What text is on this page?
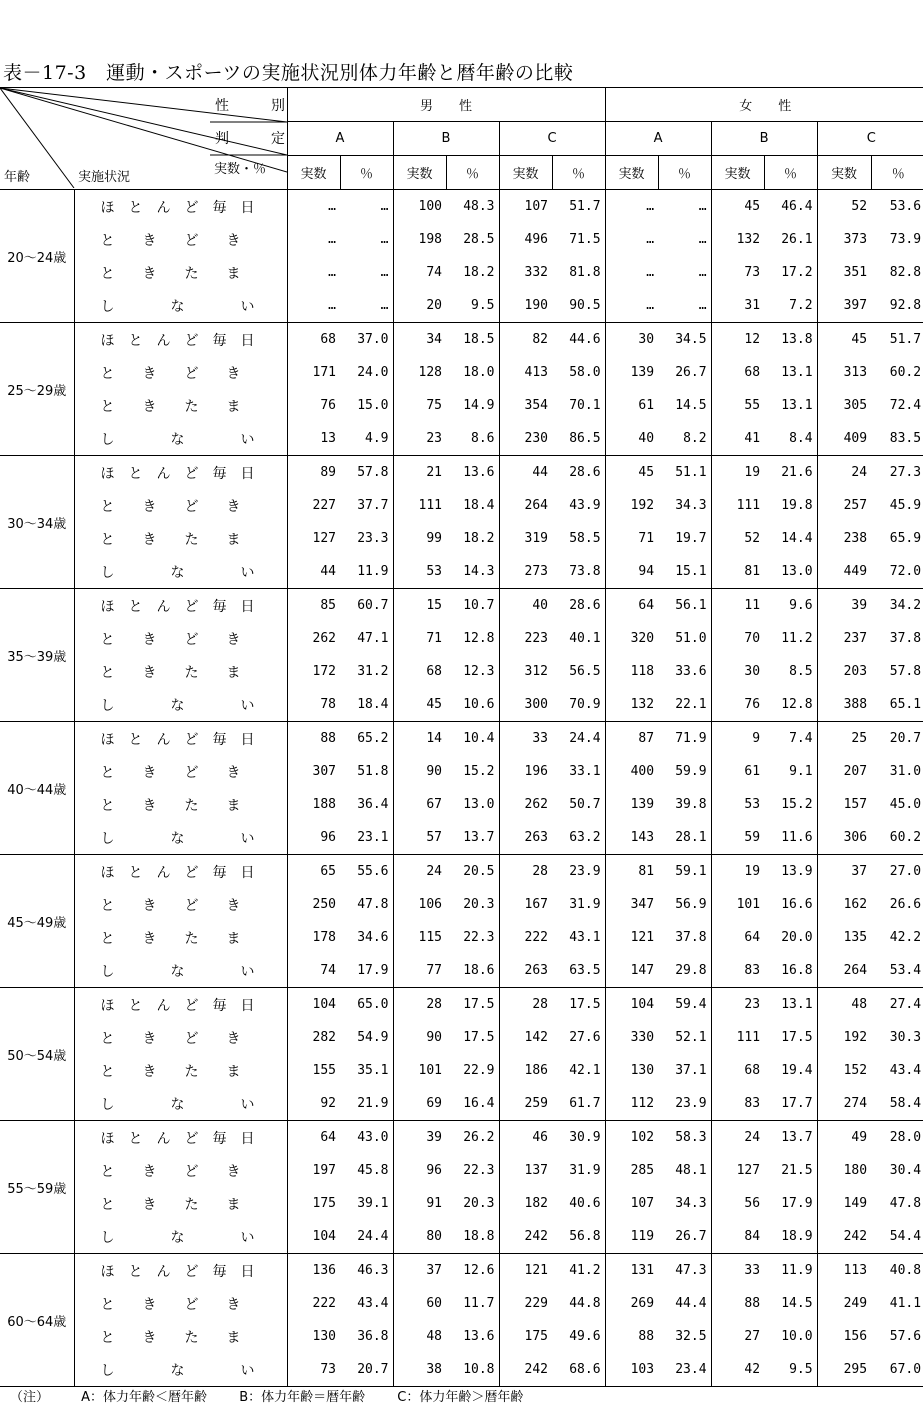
表－17-3　運動・スポーツの実施状況別体力年齢と暦年齢の比較
性　　　別
判　　　定
実数・％
年齢 実施状況		男　　性						女　　性					
		A		B		C		A		B		C	
		実数	％	実数	％	実数	％	実数	％	実数	％	実数	％
20～24歳	ほ　と　ん　ど　毎　日	…	…	100	48.3	107	51.7	…	…	45	46.4	52	53.6
	と　　き　　ど　　き	…	…	198	28.5	496	71.5	…	…	132	26.1	373	73.9
	と　　き　　た　　ま	…	…	74	18.2	332	81.8	…	…	73	17.2	351	82.8
	し　　　　な　　　　い	…	…	20	9.5	190	90.5	…	…	31	7.2	397	92.8
25～29歳	ほ　と　ん　ど　毎　日	68	37.0	34	18.5	82	44.6	30	34.5	12	13.8	45	51.7
	と　　き　　ど　　き	171	24.0	128	18.0	413	58.0	139	26.7	68	13.1	313	60.2
	と　　き　　た　　ま	76	15.0	75	14.9	354	70.1	61	14.5	55	13.1	305	72.4
	し　　　　な　　　　い	13	4.9	23	8.6	230	86.5	40	8.2	41	8.4	409	83.5
30～34歳	ほ　と　ん　ど　毎　日	89	57.8	21	13.6	44	28.6	45	51.1	19	21.6	24	27.3
	と　　き　　ど　　き	227	37.7	111	18.4	264	43.9	192	34.3	111	19.8	257	45.9
	と　　き　　た　　ま	127	23.3	99	18.2	319	58.5	71	19.7	52	14.4	238	65.9
	し　　　　な　　　　い	44	11.9	53	14.3	273	73.8	94	15.1	81	13.0	449	72.0
35～39歳	ほ　と　ん　ど　毎　日	85	60.7	15	10.7	40	28.6	64	56.1	11	9.6	39	34.2
	と　　き　　ど　　き	262	47.1	71	12.8	223	40.1	320	51.0	70	11.2	237	37.8
	と　　き　　た　　ま	172	31.2	68	12.3	312	56.5	118	33.6	30	8.5	203	57.8
	し　　　　な　　　　い	78	18.4	45	10.6	300	70.9	132	22.1	76	12.8	388	65.1
40～44歳	ほ　と　ん　ど　毎　日	88	65.2	14	10.4	33	24.4	87	71.9	9	7.4	25	20.7
	と　　き　　ど　　き	307	51.8	90	15.2	196	33.1	400	59.9	61	9.1	207	31.0
	と　　き　　た　　ま	188	36.4	67	13.0	262	50.7	139	39.8	53	15.2	157	45.0
	し　　　　な　　　　い	96	23.1	57	13.7	263	63.2	143	28.1	59	11.6	306	60.2
45～49歳	ほ　と　ん　ど　毎　日	65	55.6	24	20.5	28	23.9	81	59.1	19	13.9	37	27.0
	と　　き　　ど　　き	250	47.8	106	20.3	167	31.9	347	56.9	101	16.6	162	26.6
	と　　き　　た　　ま	178	34.6	115	22.3	222	43.1	121	37.8	64	20.0	135	42.2
	し　　　　な　　　　い	74	17.9	77	18.6	263	63.5	147	29.8	83	16.8	264	53.4
50～54歳	ほ　と　ん　ど　毎　日	104	65.0	28	17.5	28	17.5	104	59.4	23	13.1	48	27.4
	と　　き　　ど　　き	282	54.9	90	17.5	142	27.6	330	52.1	111	17.5	192	30.3
	と　　き　　た　　ま	155	35.1	101	22.9	186	42.1	130	37.1	68	19.4	152	43.4
	し　　　　な　　　　い	92	21.9	69	16.4	259	61.7	112	23.9	83	17.7	274	58.4
55～59歳	ほ　と　ん　ど　毎　日	64	43.0	39	26.2	46	30.9	102	58.3	24	13.7	49	28.0
	と　　き　　ど　　き	197	45.8	96	22.3	137	31.9	285	48.1	127	21.5	180	30.4
	と　　き　　た　　ま	175	39.1	91	20.3	182	40.6	107	34.3	56	17.9	149	47.8
	し　　　　な　　　　い	104	24.4	80	18.8	242	56.8	119	26.7	84	18.9	242	54.4
60～64歳	ほ　と　ん　ど　毎　日	136	46.3	37	12.6	121	41.2	131	47.3	33	11.9	113	40.8
	と　　き　　ど　　き	222	43.4	60	11.7	229	44.8	269	44.4	88	14.5	249	41.1
	と　　き　　た　　ま	130	36.8	48	13.6	175	49.6	88	32.5	27	10.0	156	57.6
	し　　　　な　　　　い	73	20.7	38	10.8	242	68.6	103	23.4	42	9.5	295	67.0
（注） A：体力年齢＜暦年齢 B：体力年齢＝暦年齢 C：体力年齢＞暦年齢
